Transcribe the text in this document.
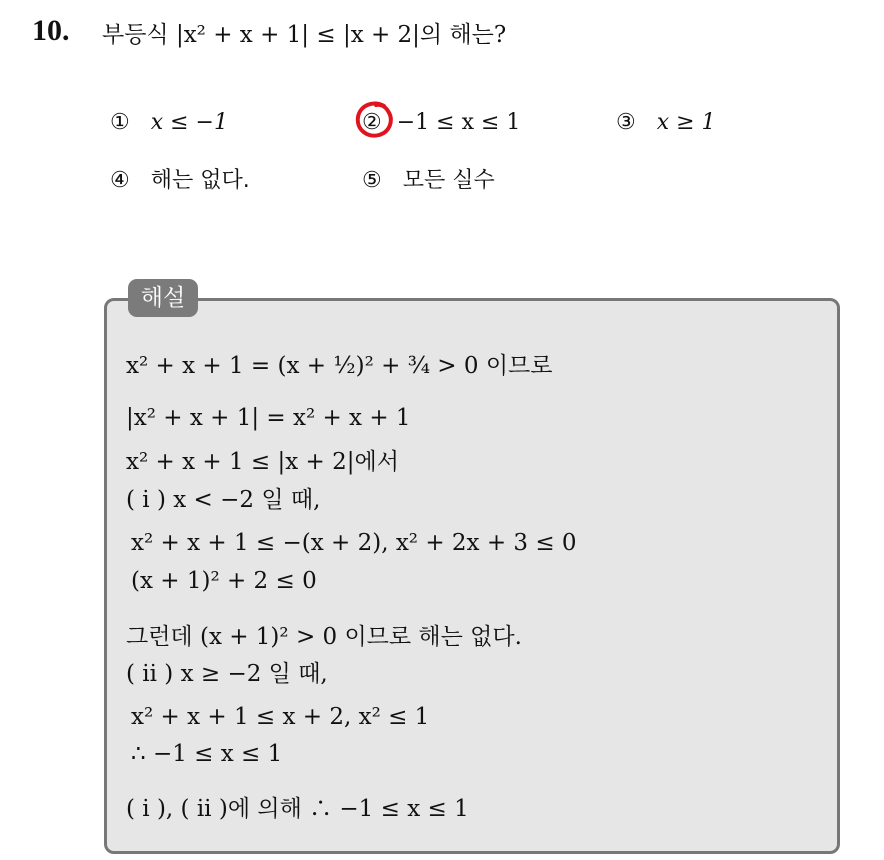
10. 부등식 |x² + x + 1| ≤ |x + 2|의 해는?
① x ≤ −1	② −1 ≤ x ≤ 1	③ x ≥ 1
④ 해는 없다.	⑤ 모든 실수
해설
x² + x + 1 = (x + ½)² + ¾ > 0 이므로
|x² + x + 1| = x² + x + 1
x² + x + 1 ≤ |x + 2|에서
( i ) x < −2 일 때,
x² + x + 1 ≤ −(x + 2), x² + 2x + 3 ≤ 0
(x + 1)² + 2 ≤ 0
그런데 (x + 1)² > 0 이므로 해는 없다.
( ii ) x ≥ −2 일 때,
x² + x + 1 ≤ x + 2, x² ≤ 1
∴ −1 ≤ x ≤ 1
( i ), ( ii )에 의해 ∴ −1 ≤ x ≤ 1
